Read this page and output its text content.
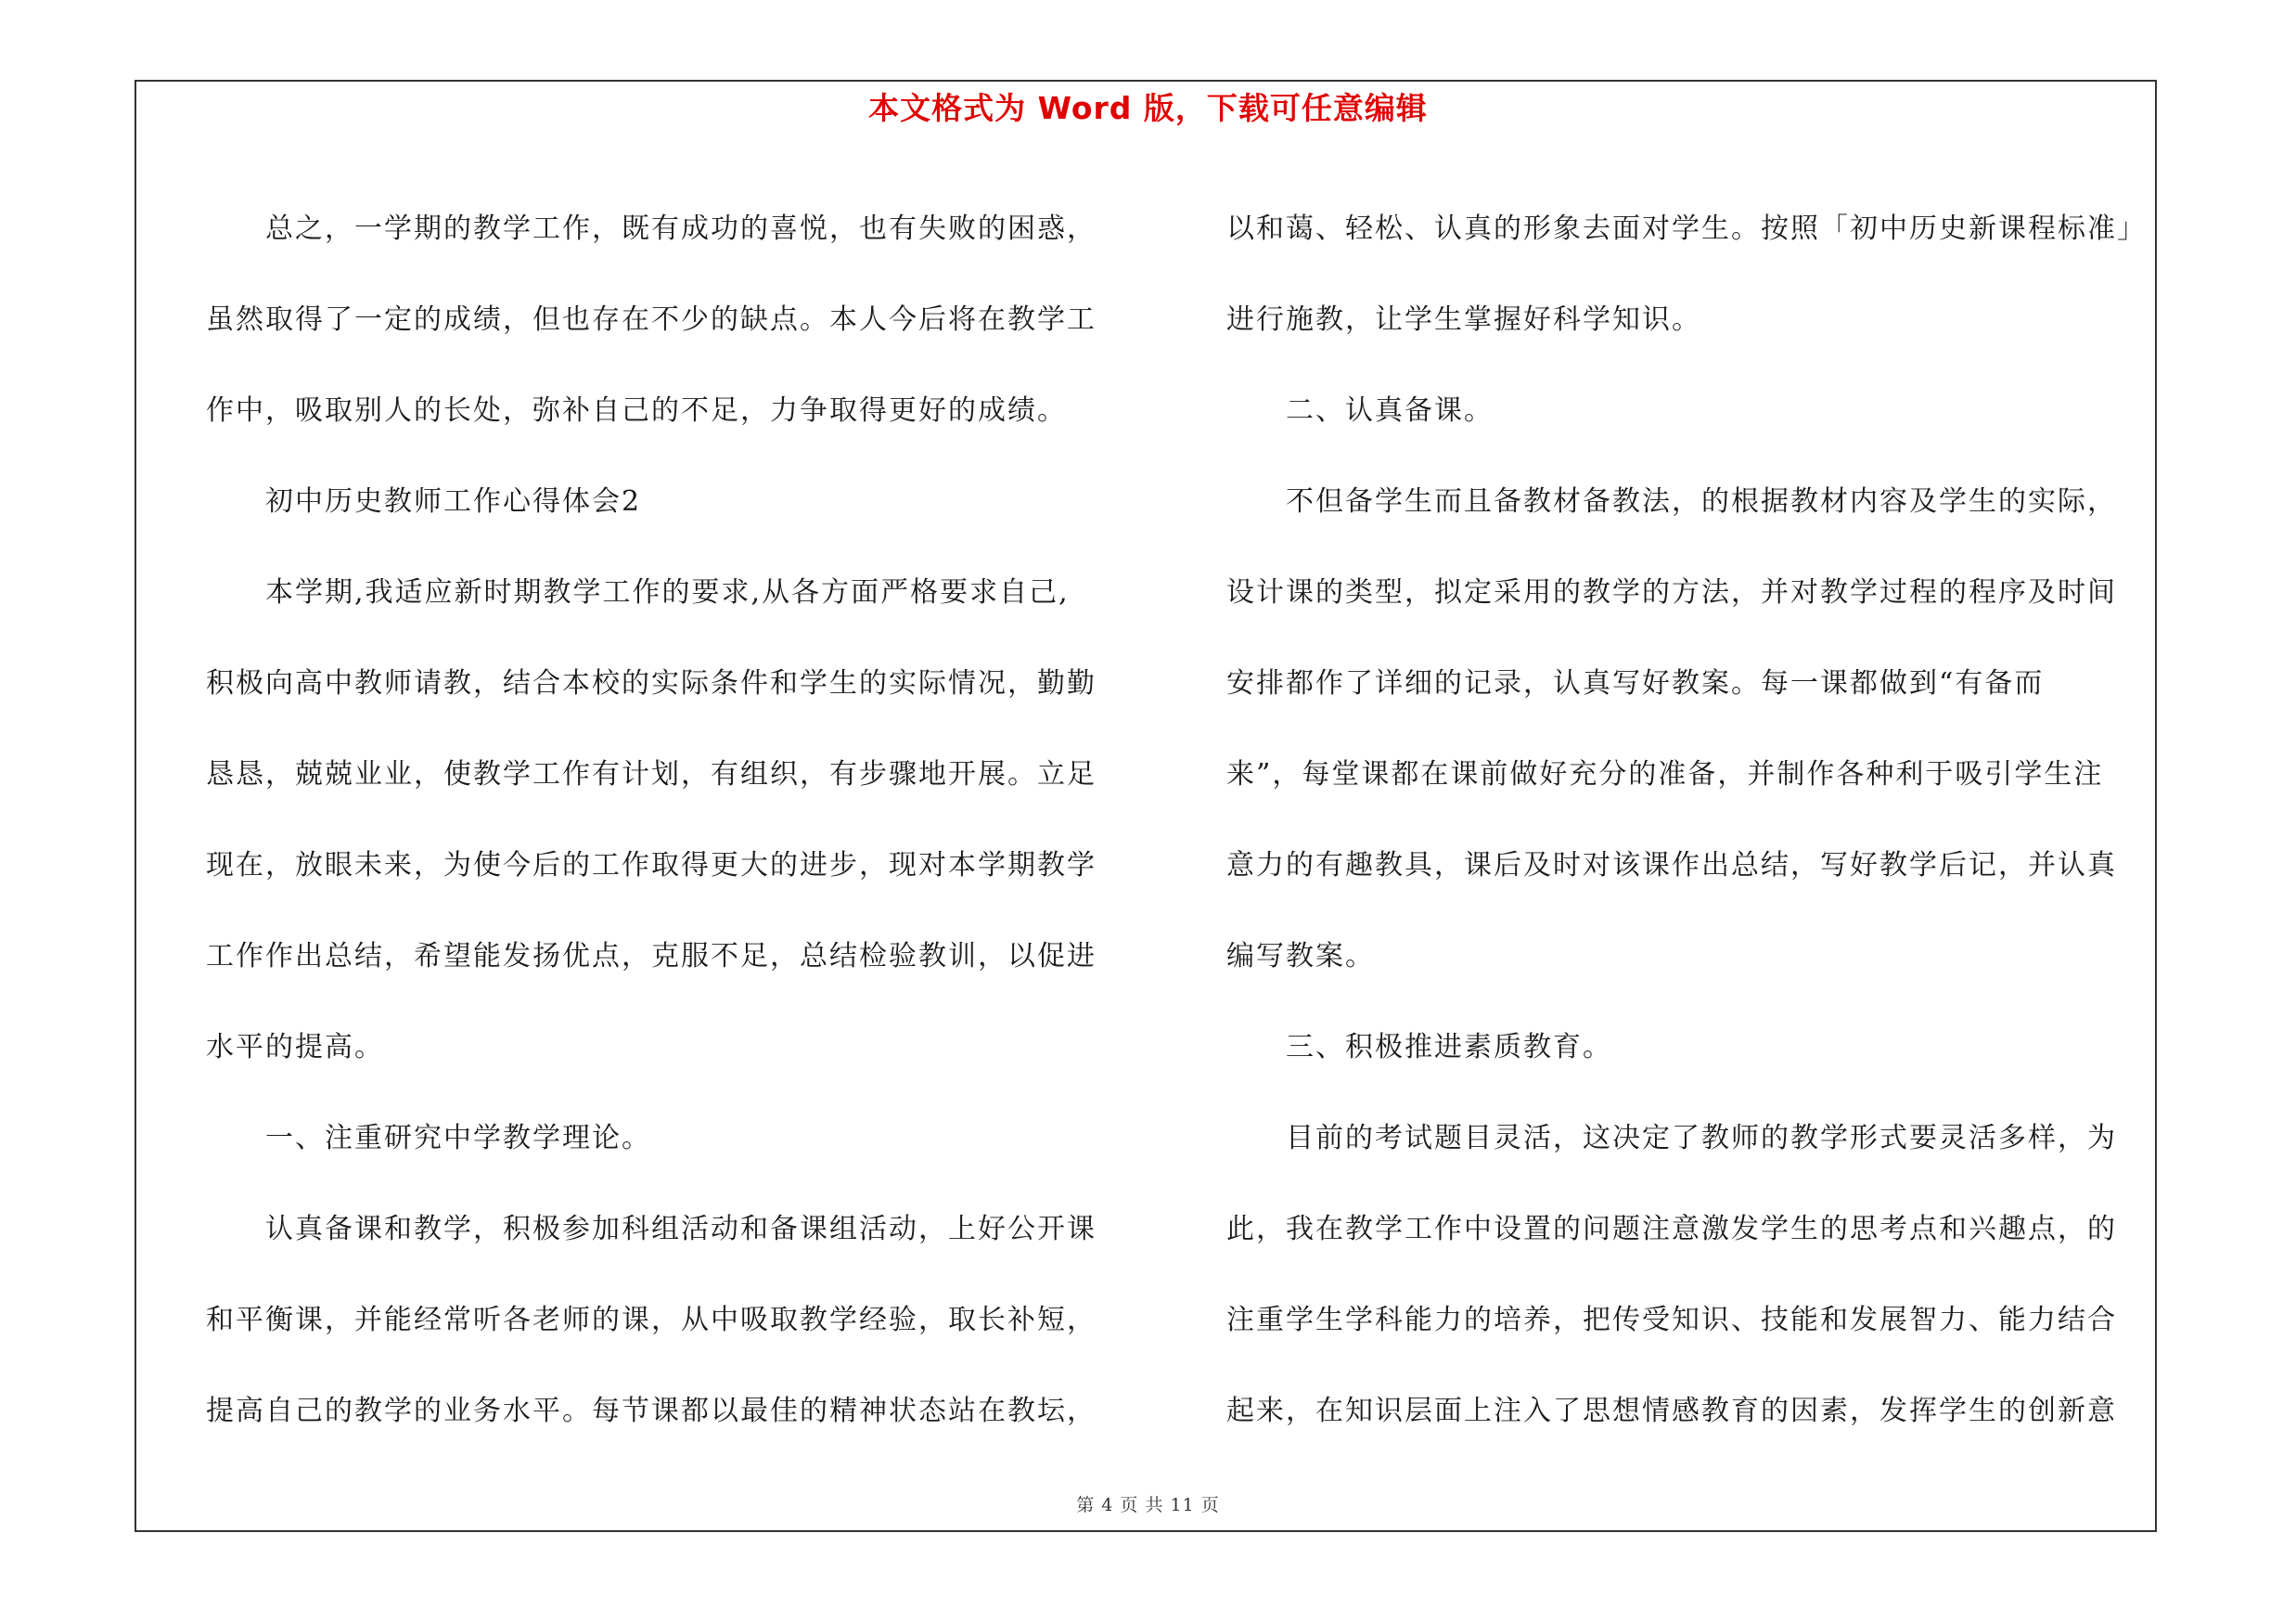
本文格式为 Word 版，下载可任意编辑
　　总之，一学期的教学工作，既有成功的喜悦，也有失败的困惑，
虽然取得了一定的成绩，但也存在不少的缺点。本人今后将在教学工
作中，吸取别人的长处，弥补自己的不足，力争取得更好的成绩。
　　初中历史教师工作心得体会2
　　本学期,我适应新时期教学工作的要求,从各方面严格要求自己,
积极向高中教师请教，结合本校的实际条件和学生的实际情况，勤勤
恳恳，兢兢业业，使教学工作有计划，有组织，有步骤地开展。立足
现在，放眼未来，为使今后的工作取得更大的进步，现对本学期教学
工作作出总结，希望能发扬优点，克服不足，总结检验教训，以促进
水平的提高。
　　一、注重研究中学教学理论。
　　认真备课和教学，积极参加科组活动和备课组活动，上好公开课
和平衡课，并能经常听各老师的课，从中吸取教学经验，取长补短，
提高自己的教学的业务水平。每节课都以最佳的精神状态站在教坛，
以和蔼、轻松、认真的形象去面对学生。按照「初中历史新课程标准」
进行施教，让学生掌握好科学知识。
　　二、认真备课。
　　不但备学生而且备教材备教法，的根据教材内容及学生的实际，
设计课的类型，拟定采用的教学的方法，并对教学过程的程序及时间
安排都作了详细的记录，认真写好教案。每一课都做到“有备而
来”，每堂课都在课前做好充分的准备，并制作各种利于吸引学生注
意力的有趣教具，课后及时对该课作出总结，写好教学后记，并认真
编写教案。
　　三、积极推进素质教育。
　　目前的考试题目灵活，这决定了教师的教学形式要灵活多样，为
此，我在教学工作中设置的问题注意激发学生的思考点和兴趣点，的
注重学生学科能力的培养，把传受知识、技能和发展智力、能力结合
起来，在知识层面上注入了思想情感教育的因素，发挥学生的创新意
第 4 页 共 11 页
